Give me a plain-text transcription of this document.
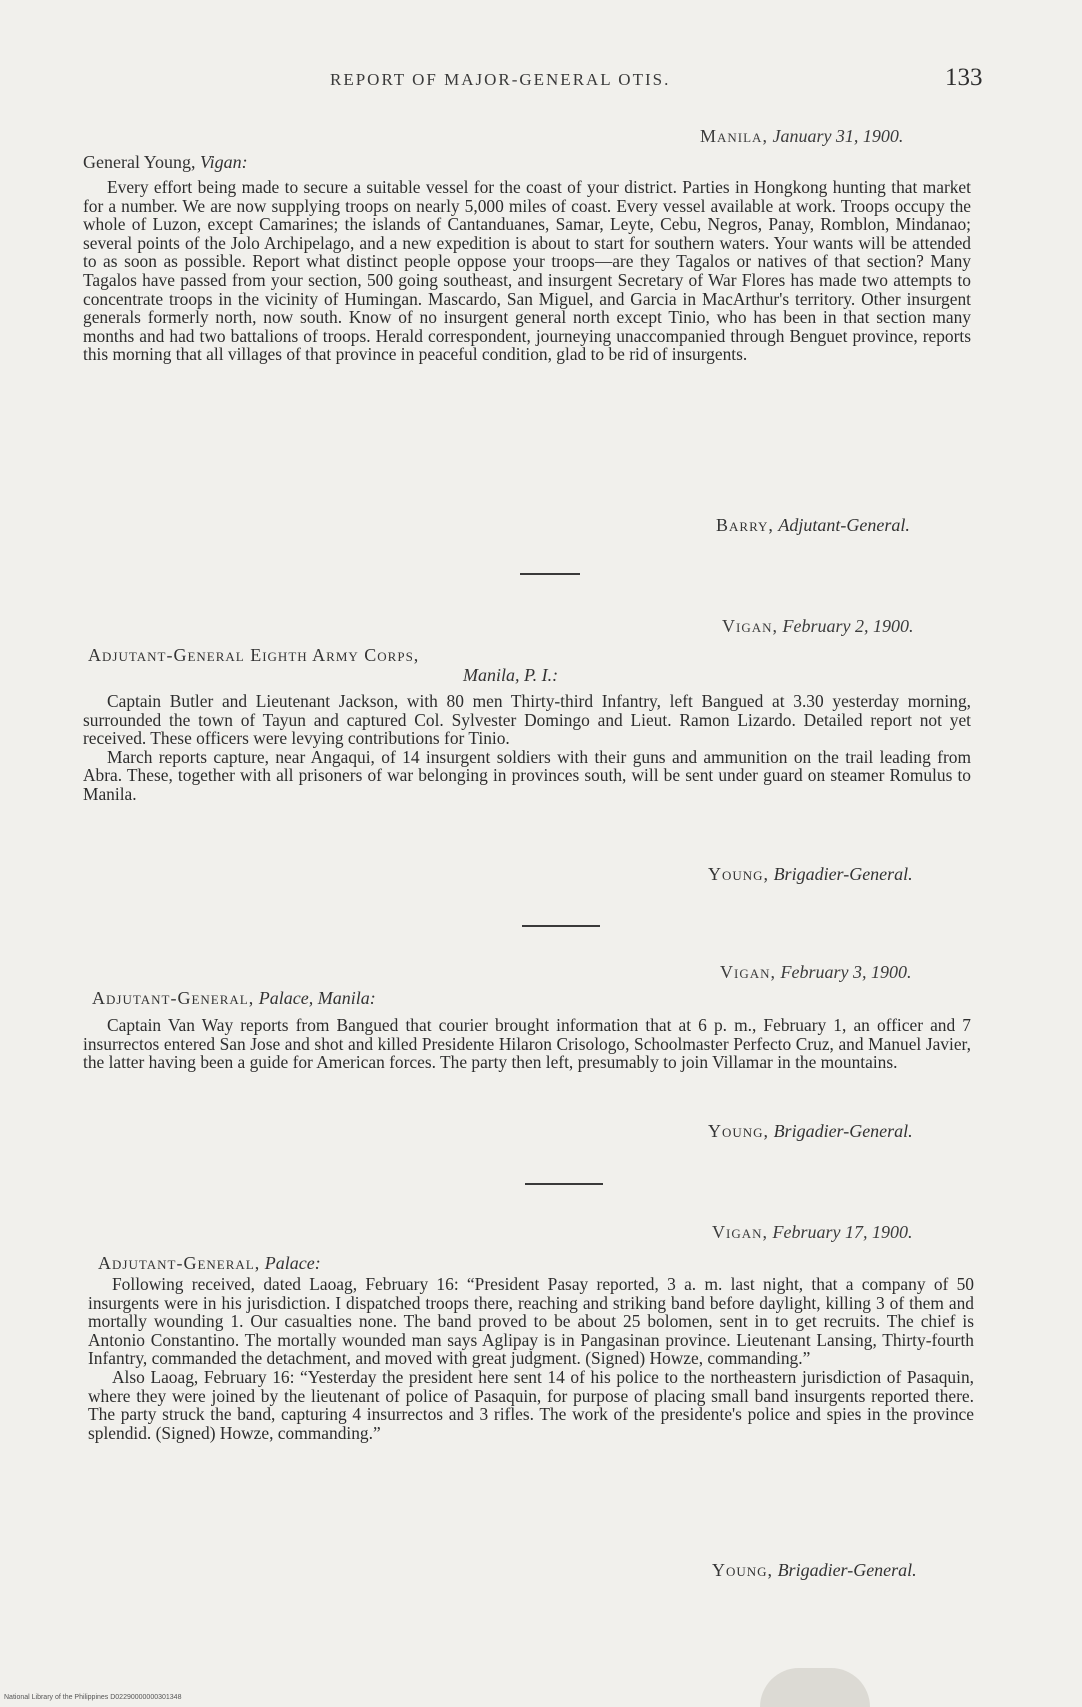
REPORT OF MAJOR-GENERAL OTIS.	133
Manila, January 31, 1900.
General Young, Vigan:

Every effort being made to secure a suitable vessel for the coast of your district. Parties in Hongkong hunting that market for a number. We are now supplying troops on nearly 5,000 miles of coast. Every vessel available at work. Troops occupy the whole of Luzon, except Camarines; the islands of Cantanduanes, Samar, Leyte, Cebu, Negros, Panay, Romblon, Mindanao; several points of the Jolo Archipelago, and a new expedition is about to start for southern waters. Your wants will be attended to as soon as possible. Report what distinct people oppose your troops—are they Tagalos or natives of that section? Many Tagalos have passed from your section, 500 going southeast, and insurgent Secretary of War Flores has made two attempts to concentrate troops in the vicinity of Humingan. Mascardo, San Miguel, and Garcia in MacArthur's territory. Other insurgent generals formerly north, now south. Know of no insurgent general north except Tinio, who has been in that section many months and had two battalions of troops. Herald correspondent, journeying unaccompanied through Benguet province, reports this morning that all villages of that province in peaceful condition, glad to be rid of insurgents.

Barry, Adjutant-General.
Vigan, February 2, 1900.
Adjutant-General Eighth Army Corps,
Manila, P. I.:

Captain Butler and Lieutenant Jackson, with 80 men Thirty-third Infantry, left Bangued at 3.30 yesterday morning, surrounded the town of Tayun and captured Col. Sylvester Domingo and Lieut. Ramon Lizardo. Detailed report not yet received. These officers were levying contributions for Tinio.

March reports capture, near Angaqui, of 14 insurgent soldiers with their guns and ammunition on the trail leading from Abra. These, together with all prisoners of war belonging in provinces south, will be sent under guard on steamer Romulus to Manila.

Young, Brigadier-General.
Vigan, February 3, 1900.
Adjutant-General, Palace, Manila:

Captain Van Way reports from Bangued that courier brought information that at 6 p. m., February 1, an officer and 7 insurrectos entered San Jose and shot and killed Presidente Hilaron Crisologo, Schoolmaster Perfecto Cruz, and Manuel Javier, the latter having been a guide for American forces. The party then left, presumably to join Villamar in the mountains.

Young, Brigadier-General.
Vigan, February 17, 1900.
Adjutant-General, Palace:

Following received, dated Laoag, February 16: “President Pasay reported, 3 a. m. last night, that a company of 50 insurgents were in his jurisdiction. I dispatched troops there, reaching and striking band before daylight, killing 3 of them and mortally wounding 1. Our casualties none. The band proved to be about 25 bolomen, sent in to get recruits. The chief is Antonio Constantino. The mortally wounded man says Aglipay is in Pangasinan province. Lieutenant Lansing, Thirty-fourth Infantry, commanded the detachment, and moved with great judgment. (Signed) Howze, commanding.”

Also Laoag, February 16: “Yesterday the president here sent 14 of his police to the northeastern jurisdiction of Pasaquin, where they were joined by the lieutenant of police of Pasaquin, for purpose of placing small band insurgents reported there. The party struck the band, capturing 4 insurrectos and 3 rifles. The work of the presidente's police and spies in the province splendid. (Signed) Howze, commanding.”

Young, Brigadier-General.
National Library of the Philippines D02290000000301348
